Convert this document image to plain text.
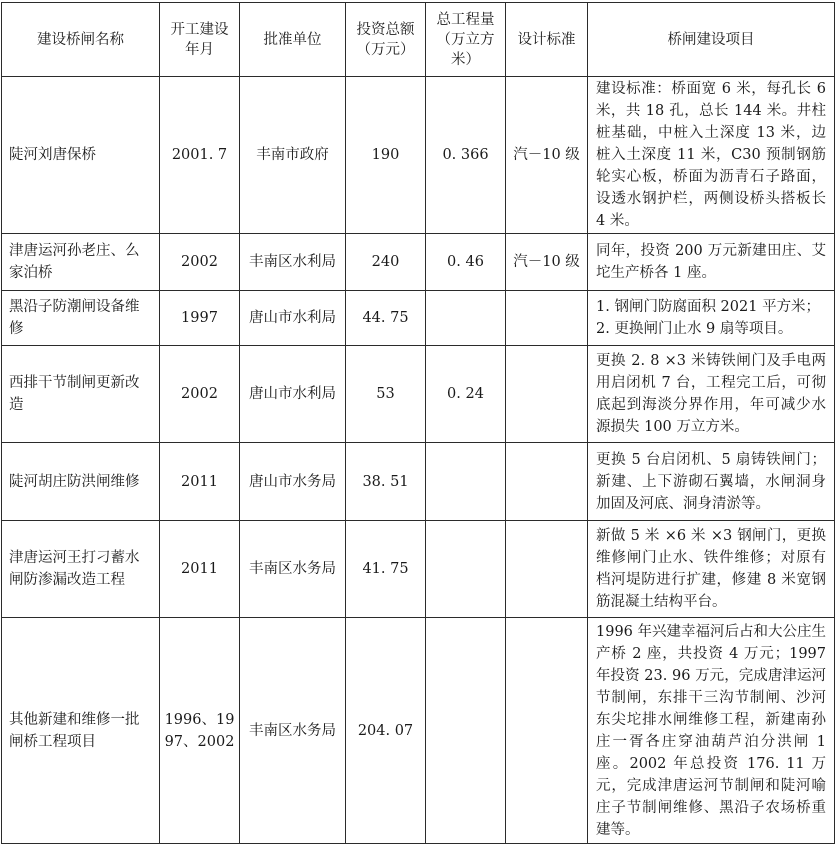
建设桥闸名称	开工建设年月	批准单位	投资总额（万元）	总工程量（万立方米）	设计标准	桥闸建设项目
陡河刘唐保桥	2001. 7	丰南市政府	190	0. 366	汽－10 级	建设标准：桥面宽 6 米，每孔长 6 米，共 18 孔，总长 144 米。井柱桩基础，中桩入土深度 13 米，边桩入土深度 11 米，C30 预制钢筋轮实心板，桥面为沥青石子路面，设透水钢护栏，两侧设桥头搭板长 4 米。
津唐运河孙老庄、么家泊桥	2002	丰南区水利局	240	0. 46	汽－10 级	同年，投资 200 万元新建田庄、艾坨生产桥各 1 座。
黑沿子防潮闸设备维修	1997	唐山市水利局	44. 75			1. 钢闸门防腐面积 2021 平方米；
2. 更换闸门止水 9 扇等项目。

西排干节制闸更新改造	2002	唐山市水利局	53	0. 24		更换 2. 8 ×3 米铸铁闸门及手电两用启闭机 7 台，工程完工后，可彻底起到海淡分界作用，年可减少水源损失 100 万立方米。
陡河胡庄防洪闸维修	2011	唐山市水务局	38. 51			更换 5 台启闭机、5 扇铸铁闸门；新建、上下游砌石翼墙，水闸洞身加固及河底、洞身清淤等。
津唐运河王打刁蓄水闸防渗漏改造工程	2011	丰南区水务局	41. 75			新做 5 米 ×6 米 ×3 钢闸门，更换维修闸门止水、铁件维修；对原有档河堤防进行扩建，修建 8 米宽钢筋混凝土结构平台。
其他新建和维修一批闸桥工程项目	1996、1997、2002	丰南区水务局	204. 07			1996 年兴建幸福河后占和大公庄生产桥 2 座，共投资 4 万元；1997 年投资 23. 96 万元，完成唐津运河节制闸，东排干三沟节制闸、沙河东尖坨排水闸维修工程，新建南孙庄一胥各庄穿油葫芦泊分洪闸 1 座。2002 年总投资 176. 11 万元，完成津唐运河节制闸和陡河喻庄子节制闸维修、黑沿子农场桥重建等。
